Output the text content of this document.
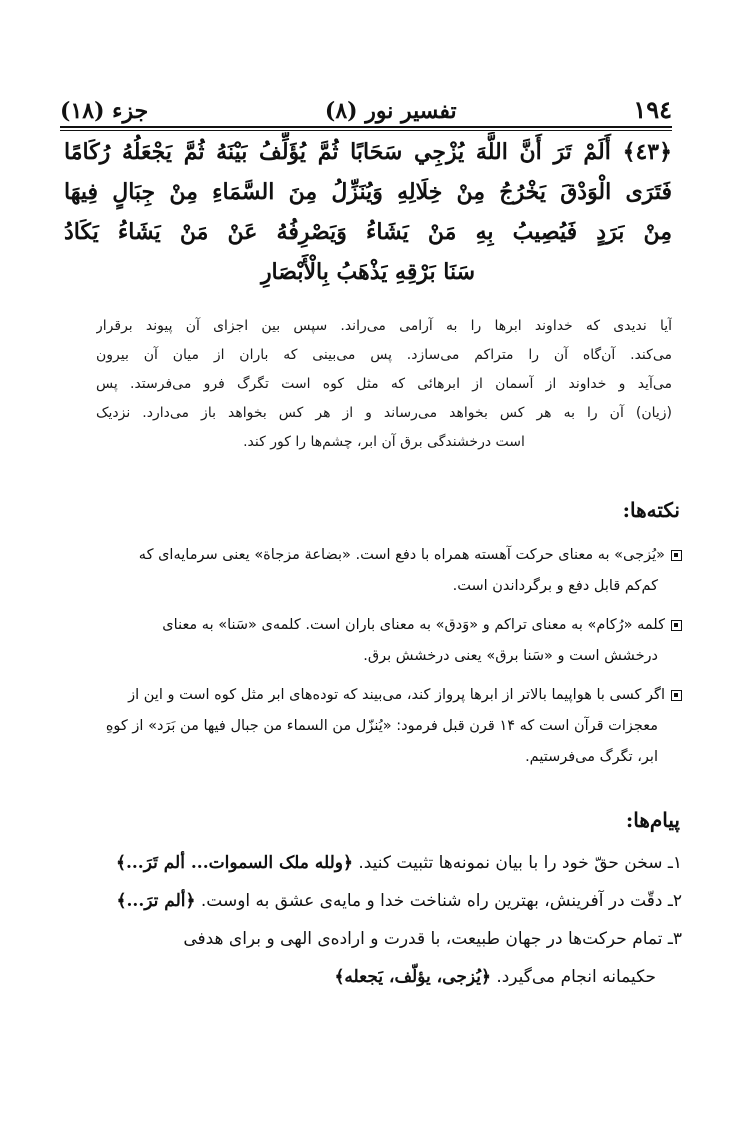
١٩٤
تفسیر نور (٨)
جزء (١٨)
﴿٤٣﴾ أَلَمْ تَرَ أَنَّ اللَّهَ يُزْجِي سَحَابًا ثُمَّ يُؤَلِّفُ بَيْنَهُ ثُمَّ يَجْعَلُهُ رُكَامًا
فَتَرَى الْوَدْقَ يَخْرُجُ مِنْ خِلَالِهِ وَيُنَزِّلُ مِنَ السَّمَاءِ مِنْ جِبَالٍ فِيهَا
مِنْ بَرَدٍ فَيُصِيبُ بِهِ مَنْ يَشَاءُ وَيَصْرِفُهُ عَنْ مَنْ يَشَاءُ يَكَادُ
سَنَا بَرْقِهِ يَذْهَبُ بِالْأَبْصَارِ
آیا ندیدی که خداوند ابرها را به آرامی می‌راند. سپس بین اجزای آن پیوند برقرار
می‌کند. آن‌گاه آن را متراکم می‌سازد. پس می‌بینی که باران از میان آن بیرون
می‌آید و خداوند از آسمان از ابرهائی که مثل کوه است تگرگ فرو می‌فرستد. پس
(زیان) آن را به هر کس بخواهد می‌رساند و از هر کس بخواهد باز می‌دارد. نزدیک
است درخشندگی برق آن ابر، چشم‌ها را کور کند.
نکته‌ها:
«یُزجی» به معنای حرکت آهسته همراه با دفع است. «بضاعة مزجاة» یعنی سرمایه‌ای که
کم‌کم قابل دفع و برگرداندن است.
کلمه «رُکام» به معنای تراکم و «وَدق» به معنای باران است. کلمه‌ی «سَنا» به معنای
درخشش است و «سَنا برق» یعنی درخشش برق.
اگر کسی با هواپیما بالاتر از ابرها پرواز کند، می‌بیند که توده‌های ابر مثل کوه است و این از
معجزات قرآن است که ١۴ قرن قبل فرمود: «یُنزّل من السماء من جبال فیها من بَرَد» از کوهِ
ابر، تگرگ می‌فرستیم.
پیام‌ها:
١ـ سخن حقّ خود را با بیان نمونه‌ها تثبیت کنید. ﴿ولله ملک السموات... ألم تَرَ...﴾
٢ـ دقّت در آفرینش، بهترین راه شناخت خدا و مایه‌ی عشق به اوست. ﴿ألم ترَ...﴾
٣ـ تمام حرکت‌ها در جهان طبیعت، با قدرت و اراده‌ی الهی و برای هدفی
حکیمانه انجام می‌گیرد. ﴿یُزجی، یؤلّف، یَجعله﴾
